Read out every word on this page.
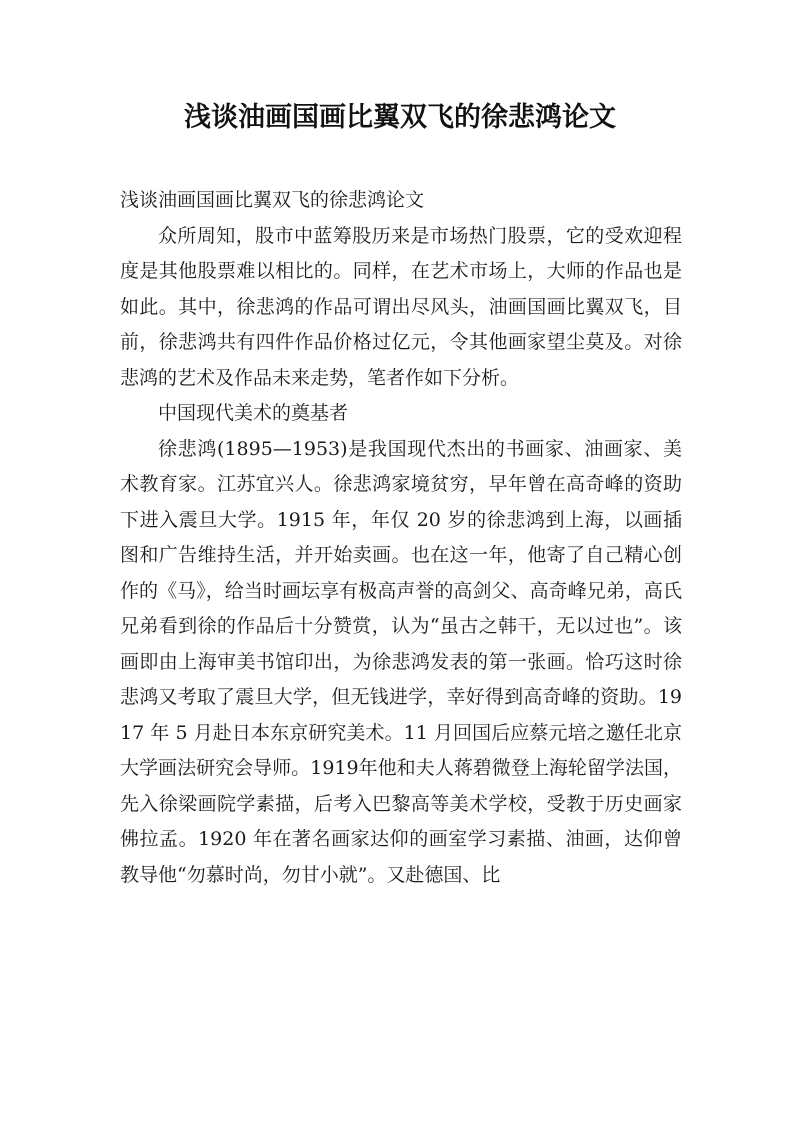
浅谈油画国画比翼双飞的徐悲鸿论文

浅谈油画国画比翼双飞的徐悲鸿论文

众所周知，股市中蓝筹股历来是市场热门股票，它的受欢迎程度是其他股票难以相比的。同样，在艺术市场上，大师的作品也是如此。其中，徐悲鸿的作品可谓出尽风头，油画国画比翼双飞，目前，徐悲鸿共有四件作品价格过亿元，令其他画家望尘莫及。对徐悲鸿的艺术及作品未来走势，笔者作如下分析。

中国现代美术的奠基者

徐悲鸿(1895—1953)是我国现代杰出的书画家、油画家、美术教育家。江苏宜兴人。徐悲鸿家境贫穷，早年曾在高奇峰的资助下进入震旦大学。1915 年，年仅 20 岁的徐悲鸿到上海，以画插图和广告维持生活，并开始卖画。也在这一年，他寄了自己精心创作的《马》，给当时画坛享有极高声誉的高剑父、高奇峰兄弟，高氏兄弟看到徐的作品后十分赞赏，认为“虽古之韩干，无以过也”。该画即由上海审美书馆印出，为徐悲鸿发表的第一张画。恰巧这时徐悲鸿又考取了震旦大学，但无钱进学，幸好得到高奇峰的资助。1917 年 5 月赴日本东京研究美术。11 月回国后应蔡元培之邀任北京大学画法研究会导师。1919年他和夫人蒋碧微登上海轮留学法国，先入徐梁画院学素描，后考入巴黎高等美术学校，受教于历史画家佛拉孟。1920 年在著名画家达仰的画室学习素描、油画，达仰曾教导他“勿慕时尚，勿甘小就”。又赴德国、比
